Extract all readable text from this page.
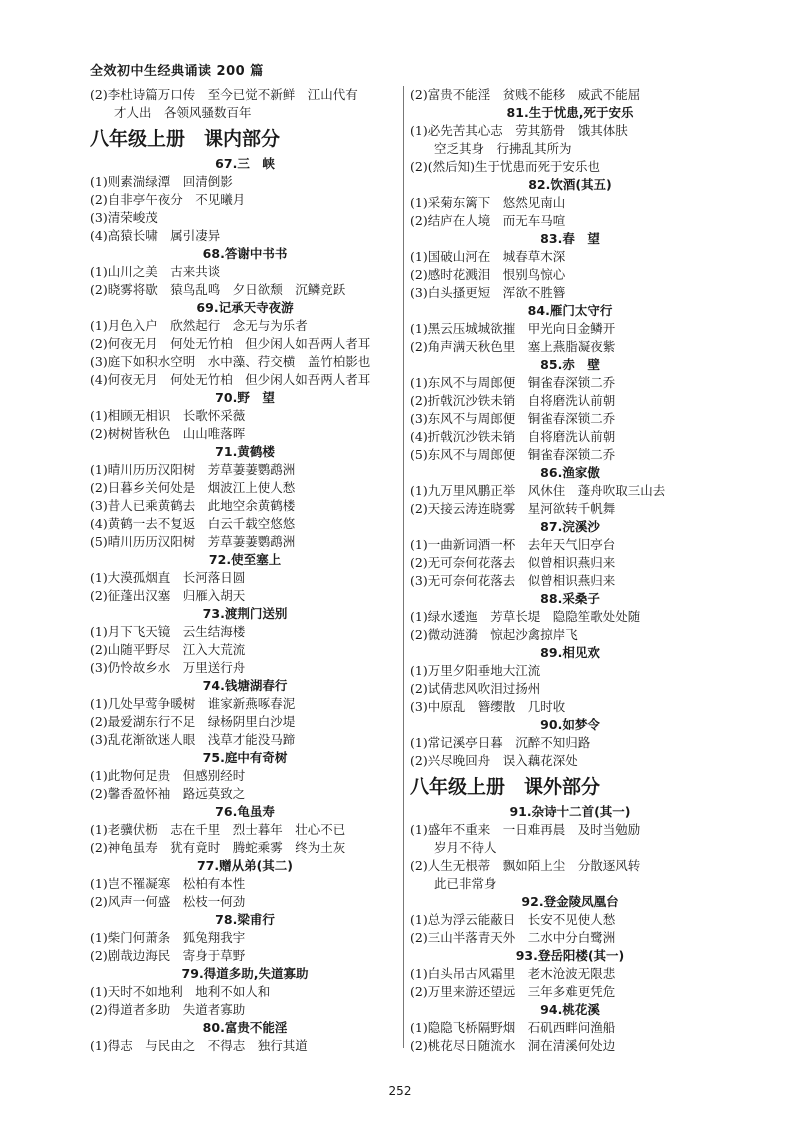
全效初中生经典诵读 200 篇
(2)李杜诗篇万口传　至今已觉不新鲜　江山代有
才人出　各领风骚数百年
八年级上册　课内部分
67.三　峡
(1)则素湍绿潭　回清倒影
(2)自非亭午夜分　不见曦月
(3)清荣峻茂
(4)高猿长啸　属引凄异
68.答谢中书书
(1)山川之美　古来共谈
(2)晓雾将歇　猿鸟乱鸣　夕日欲颓　沉鳞竞跃
69.记承天寺夜游
(1)月色入户　欣然起行　念无与为乐者
(2)何夜无月　何处无竹柏　但少闲人如吾两人者耳
(3)庭下如积水空明　水中藻、荇交横　盖竹柏影也
(4)何夜无月　何处无竹柏　但少闲人如吾两人者耳
70.野　望
(1)相顾无相识　长歌怀采薇
(2)树树皆秋色　山山唯落晖
71.黄鹤楼
(1)晴川历历汉阳树　芳草萋萋鹦鹉洲
(2)日暮乡关何处是　烟波江上使人愁
(3)昔人已乘黄鹤去　此地空余黄鹤楼
(4)黄鹤一去不复返　白云千载空悠悠
(5)晴川历历汉阳树　芳草萋萋鹦鹉洲
72.使至塞上
(1)大漠孤烟直　长河落日圆
(2)征蓬出汉塞　归雁入胡天
73.渡荆门送别
(1)月下飞天镜　云生结海楼
(2)山随平野尽　江入大荒流
(3)仍怜故乡水　万里送行舟
74.钱塘湖春行
(1)几处早莺争暖树　谁家新燕啄春泥
(2)最爱湖东行不足　绿杨阴里白沙堤
(3)乱花渐欲迷人眼　浅草才能没马蹄
75.庭中有奇树
(1)此物何足贵　但感别经时
(2)馨香盈怀袖　路远莫致之
76.龟虽寿
(1)老骥伏枥　志在千里　烈士暮年　壮心不已
(2)神龟虽寿　犹有竟时　腾蛇乘雾　终为土灰
77.赠从弟(其二)
(1)岂不罹凝寒　松柏有本性
(2)风声一何盛　松枝一何劲
78.梁甫行
(1)柴门何萧条　狐兔翔我宇
(2)剧哉边海民　寄身于草野
79.得道多助,失道寡助
(1)天时不如地利　地利不如人和
(2)得道者多助　失道者寡助
80.富贵不能淫
(1)得志　与民由之　不得志　独行其道
(2)富贵不能淫　贫贱不能移　威武不能屈
81.生于忧患,死于安乐
(1)必先苦其心志　劳其筋骨　饿其体肤
空乏其身　行拂乱其所为
(2)(然后知)生于忧患而死于安乐也
82.饮酒(其五)
(1)采菊东篱下　悠然见南山
(2)结庐在人境　而无车马喧
83.春　望
(1)国破山河在　城春草木深
(2)感时花溅泪　恨别鸟惊心
(3)白头搔更短　浑欲不胜簪
84.雁门太守行
(1)黑云压城城欲摧　甲光向日金鳞开
(2)角声满天秋色里　塞上燕脂凝夜紫
85.赤　壁
(1)东风不与周郎便　铜雀春深锁二乔
(2)折戟沉沙铁未销　自将磨洗认前朝
(3)东风不与周郎便　铜雀春深锁二乔
(4)折戟沉沙铁未销　自将磨洗认前朝
(5)东风不与周郎便　铜雀春深锁二乔
86.渔家傲
(1)九万里风鹏正举　风休住　蓬舟吹取三山去
(2)天接云涛连晓雾　星河欲转千帆舞
87.浣溪沙
(1)一曲新词酒一杯　去年天气旧亭台
(2)无可奈何花落去　似曾相识燕归来
(3)无可奈何花落去　似曾相识燕归来
88.采桑子
(1)绿水逶迤　芳草长堤　隐隐笙歌处处随
(2)微动涟漪　惊起沙禽掠岸飞
89.相见欢
(1)万里夕阳垂地大江流
(2)试倩悲风吹泪过扬州
(3)中原乱　簪缨散　几时收
90.如梦令
(1)常记溪亭日暮　沉醉不知归路
(2)兴尽晚回舟　误入藕花深处
八年级上册　课外部分
91.杂诗十二首(其一)
(1)盛年不重来　一日难再晨　及时当勉励
岁月不待人
(2)人生无根蒂　飘如陌上尘　分散逐风转
此已非常身
92.登金陵凤凰台
(1)总为浮云能蔽日　长安不见使人愁
(2)三山半落青天外　二水中分白鹭洲
93.登岳阳楼(其一)
(1)白头吊古风霜里　老木沧波无限悲
(2)万里来游还望远　三年多难更凭危
94.桃花溪
(1)隐隐飞桥隔野烟　石矶西畔问渔船
(2)桃花尽日随流水　洞在清溪何处边
252
